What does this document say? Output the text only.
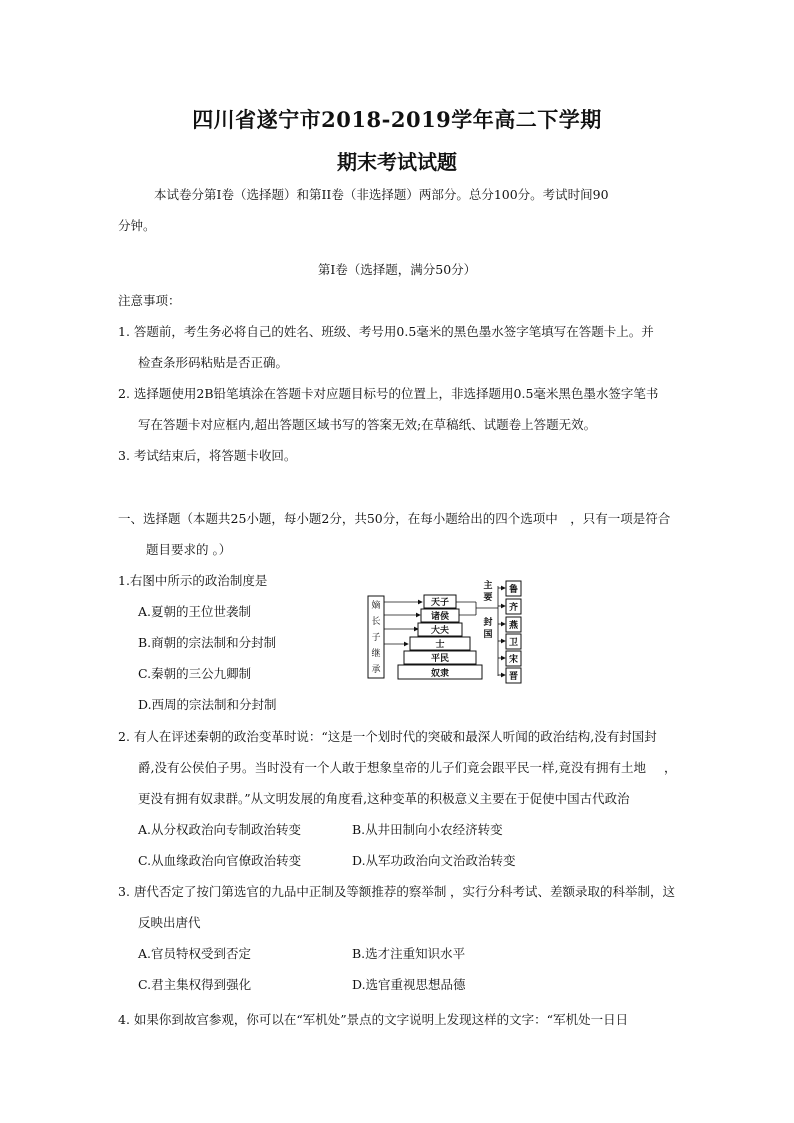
四川省遂宁市2018-2019学年高二下学期
期末考试试题
本试卷分第Ⅰ卷（选择题）和第II卷（非选择题）两部分。总分100分。考试时间90
分钟。
第Ⅰ卷（选择题，满分50分）
注意事项：
1. 答题前，考生务必将自己的姓名、班级、考号用0.5毫米的黑色墨水签字笔填写在答题卡上。并
检查条形码粘贴是否正确。
2. 选择题使用2B铅笔填涂在答题卡对应题目标号的位置上，非选择题用0.5毫米黑色墨水签字笔书
写在答题卡对应框内,超出答题区域书写的答案无效;在草稿纸、试题卷上答题无效。
3. 考试结束后，将答题卡收回。
一、选择题（本题共25小题，每小题2分，共50分，在每小题给出的四个选项中　，只有一项是符合
题目要求的 。）
1.右图中所示的政治制度是
A.夏朝的王位世袭制
B.商朝的宗法制和分封制
C.秦朝的三公九卿制
D.西周的宗法制和分封制
嫡
长
子
继
承
天子
诸侯
大夫
士
平民
奴隶
主
要
封
国
鲁
齐
燕
卫
宋
晋
2. 有人在评述秦朝的政治变革时说：“这是一个划时代的突破和最深人听闻的政治结构,没有封国封
爵,没有公侯伯子男。当时没有一个人敢于想象皇帝的儿子们竟会跟平民一样,竟没有拥有土地 ，
更没有拥有奴隶群。”从文明发展的角度看,这种变革的积极意义主要在于促使中国古代政治
A.从分权政治向专制政治转变	B.从井田制向小农经济转变
C.从血缘政治向官僚政治转变	D.从军功政治向文治政治转变
3. 唐代否定了按门第选官的九品中正制及等额推荐的察举制 ，实行分科考试、差额录取的科举制，这
反映出唐代
A.官员特权受到否定	B.选才注重知识水平
C.君主集权得到强化	D.选官重视思想品德
4. 如果你到故宫参观，你可以在“军机处”景点的文字说明上发现这样的文字：“军机处一日日
